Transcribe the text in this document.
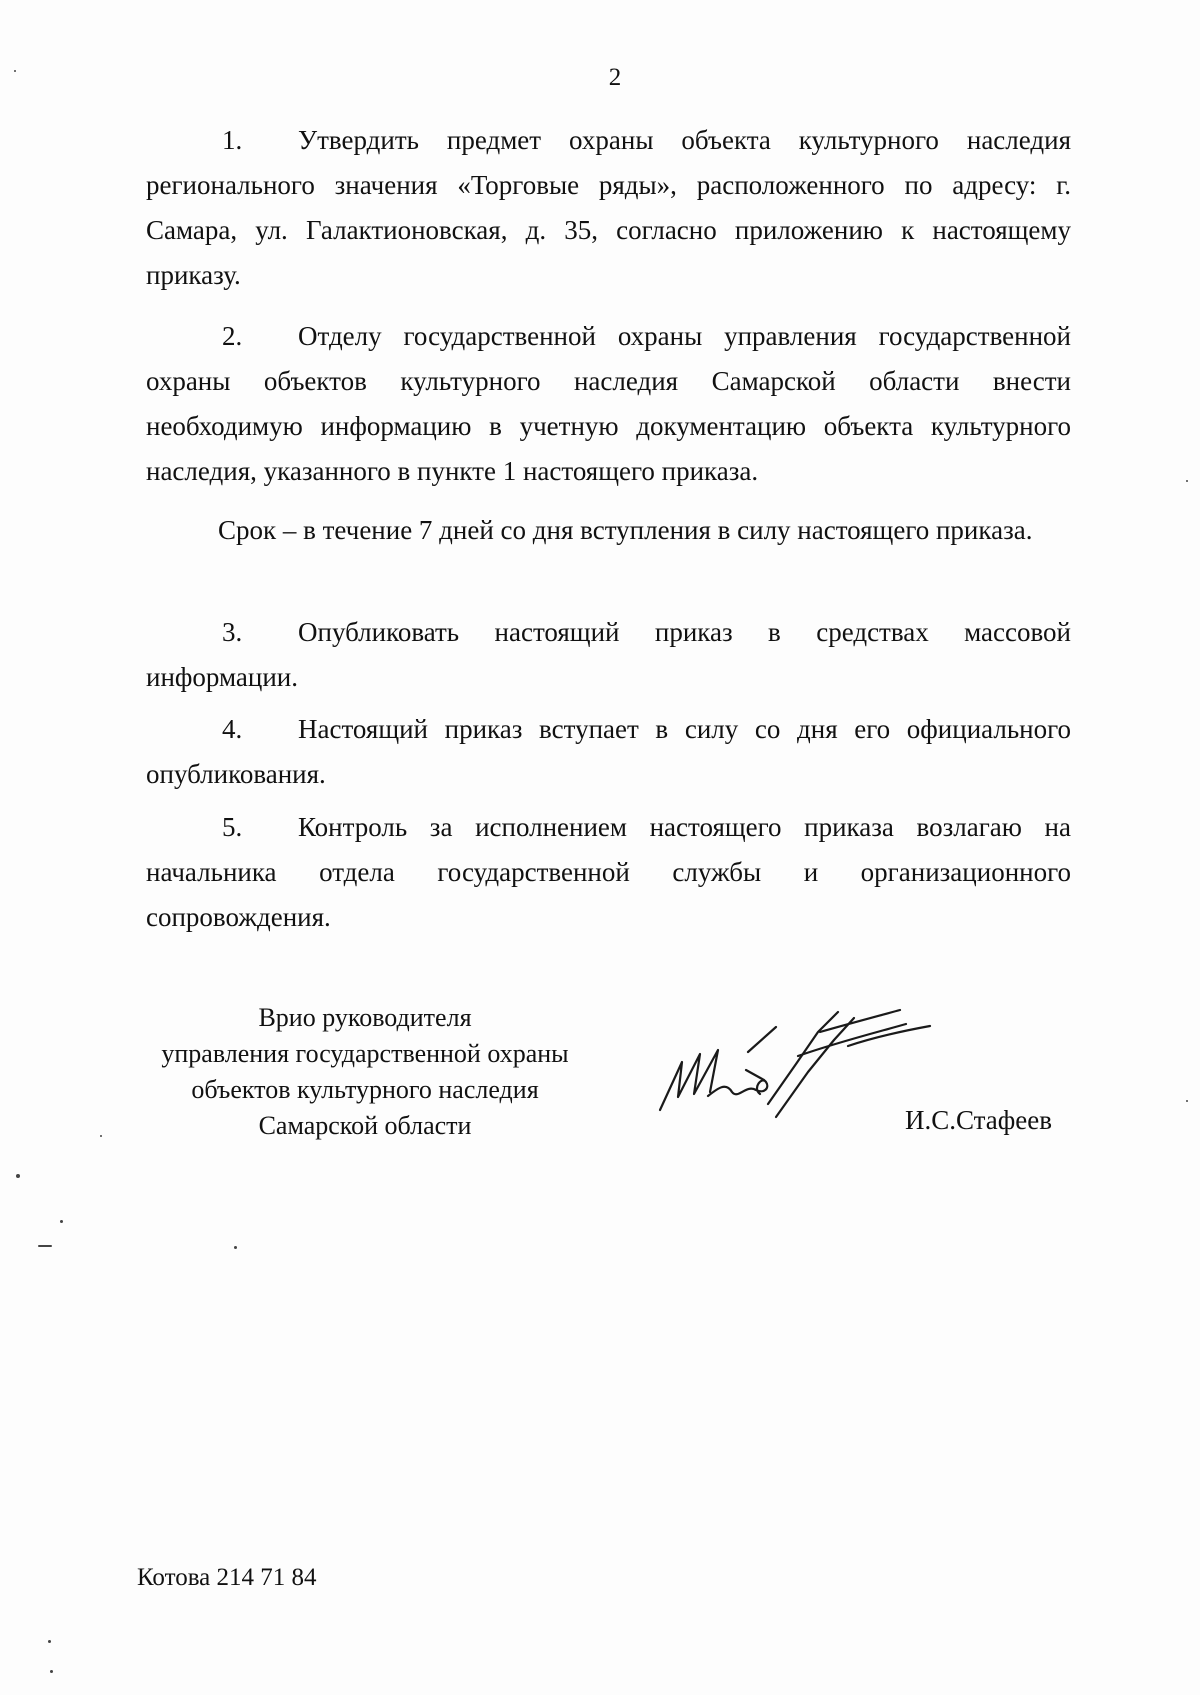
2

1. Утвердить предмет охраны объекта культурного наследия регионального значения «Торговые ряды», расположенного по адресу: г. Самара, ул. Галактионовская, д. 35, согласно приложению к настоящему приказу.

2. Отделу государственной охраны управления государственной охраны объектов культурного наследия Самарской области внести необходимую информацию в учетную документацию объекта культурного наследия, указанного в пункте 1 настоящего приказа.

Срок – в течение 7 дней со дня вступления в силу настоящего приказа.

3. Опубликовать настоящий приказ в средствах массовой информации.

4. Настоящий приказ вступает в силу со дня его официального опубликования.

5. Контроль за исполнением настоящего приказа возлагаю на начальника отдела государственной службы и организационного сопровождения.

Врио руководителя
управления государственной охраны
объектов культурного наследия
Самарской области	И.С.Стафеев
Котова 214 71 84
